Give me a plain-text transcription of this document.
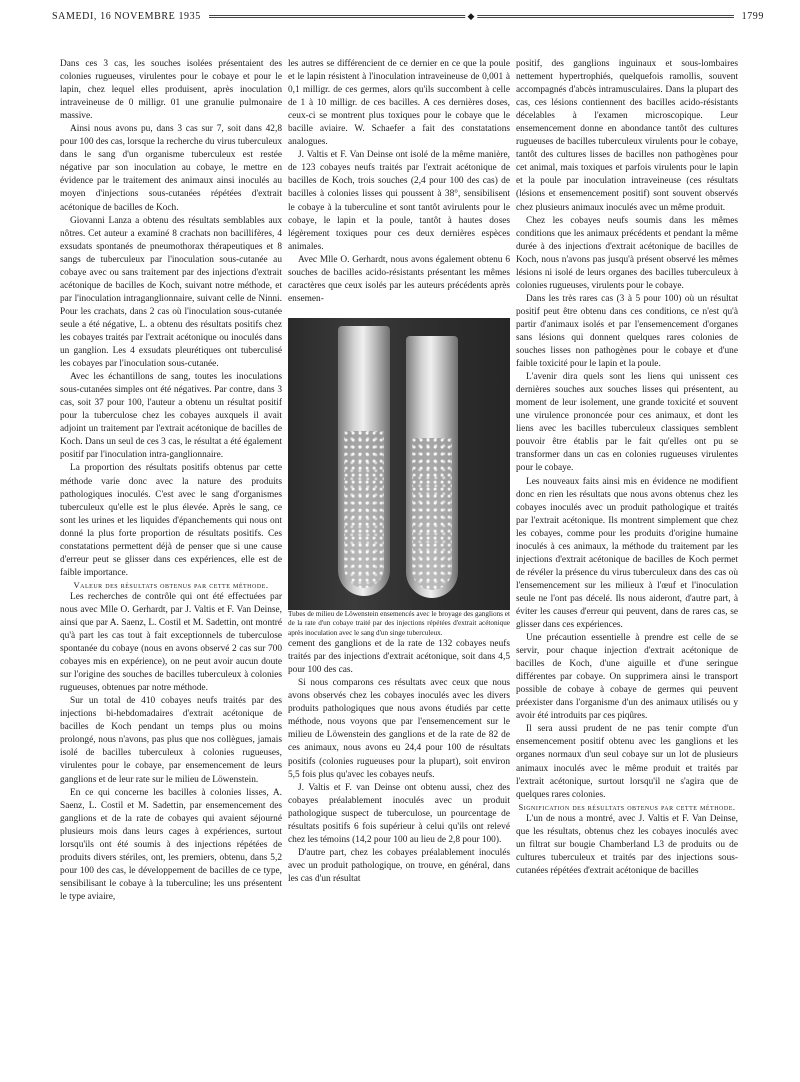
SAMEDI, 16 NOVEMBRE 1935	◆	1799

Dans ces 3 cas, les souches isolées présentaient des colonies rugueuses, virulentes pour le cobaye et pour le lapin, chez lequel elles produisent, après inoculation intraveineuse de 0 milligr. 01 une granulie pulmonaire massive.

Ainsi nous avons pu, dans 3 cas sur 7, soit dans 42,8 pour 100 des cas, lorsque la recherche du virus tuberculeux dans le sang d'un organisme tuberculeux est restée négative par son inoculation au cobaye, le mettre en évidence par le traitement des animaux ainsi inoculés au moyen d'injections sous-cutanées répétées d'extrait acétonique de bacilles de Koch.

Giovanni Lanza a obtenu des résultats semblables aux nôtres. Cet auteur a examiné 8 crachats non bacillifères, 4 exsudats spontanés de pneumothorax thérapeutiques et 8 sangs de tuberculeux par l'inoculation sous-cutanée au cobaye avec ou sans traitement par des injections d'extrait acétonique de bacilles de Koch, suivant notre méthode, et par l'inoculation intraganglionnaire, suivant celle de Ninni. Pour les crachats, dans 2 cas où l'inoculation sous-cutanée seule a été négative, L. a obtenu des résultats positifs chez les cobayes traités par l'extrait acétonique ou inoculés dans un ganglion. Les 4 exsudats pleurétiques ont tuberculisé les cobayes par l'inoculation sous-cutanée.

Avec les échantillons de sang, toutes les inoculations sous-cutanées simples ont été négatives. Par contre, dans 3 cas, soit 37 pour 100, l'auteur a obtenu un résultat positif pour la tuberculose chez les cobayes auxquels il avait adjoint un traitement par l'extrait acétonique de bacilles de Koch. Dans un seul de ces 3 cas, le résultat a été également positif par l'inoculation intra-ganglionnaire.

La proportion des résultats positifs obtenus par cette méthode varie donc avec la nature des produits pathologiques inoculés. C'est avec le sang d'organismes tuberculeux qu'elle est le plus élevée. Après le sang, ce sont les urines et les liquides d'épanchements qui nous ont donné la plus forte proportion de résultats positifs. Ces constatations permettent déjà de penser que si une cause d'erreur peut se glisser dans ces expériences, elle est de faible importance.

Valeur des résultats obtenus par cette méthode.

Les recherches de contrôle qui ont été effectuées par nous avec Mlle O. Gerhardt, par J. Valtis et F. Van Deinse, ainsi que par A. Saenz, L. Costil et M. Sadettin, ont montré qu'à part les cas tout à fait exceptionnels de tuberculose spontanée du cobaye (nous en avons observé 2 cas sur 700 cobayes mis en expérience), on ne peut avoir aucun doute sur l'origine des souches de bacilles tuberculeux à colonies rugueuses, obtenues par notre méthode.

Sur un total de 410 cobayes neufs traités par des injections bi-hebdomadaires d'extrait acétonique de bacilles de Koch pendant un temps plus ou moins prolongé, nous n'avons, pas plus que nos collègues, jamais isolé de bacilles tuberculeux à colonies rugueuses, virulentes pour le cobaye, par ensemencement de leurs ganglions et de leur rate sur le milieu de Löwenstein.

En ce qui concerne les bacilles à colonies lisses, A. Saenz, L. Costil et M. Sadettin, par ensemencement des ganglions et de la rate de cobayes qui avaient séjourné plusieurs mois dans leurs cages à expériences, surtout lorsqu'ils ont été soumis à des injections répétées de produits divers stériles, ont, les premiers, obtenu, dans 5,2 pour 100 des cas, le développement de bacilles de ce type, sensibilisant le cobaye à la tuberculine; les uns présentent le type aviaire,

les autres se différencient de ce dernier en ce que la poule et le lapin résistent à l'inoculation intraveineuse de 0,001 à 0,1 milligr. de ces germes, alors qu'ils succombent à celle de 1 à 10 milligr. de ces bacilles. A ces dernières doses, ceux-ci se montrent plus toxiques pour le cobaye que le bacille aviaire. W. Schaefer a fait des constatations analogues.

J. Valtis et F. Van Deinse ont isolé de la même manière, de 123 cobayes neufs traités par l'extrait acétonique de bacilles de Koch, trois souches (2,4 pour 100 des cas) de bacilles à colonies lisses qui poussent à 38°, sensibilisent le cobaye à la tuberculine et sont tantôt avirulents pour le cobaye, le lapin et la poule, tantôt à hautes doses légèrement toxiques pour ces deux dernières espèces animales.

Avec Mlle O. Gerhardt, nous avons également obtenu 6 souches de bacilles acido-résistants présentant les mêmes caractères que ceux isolés par les auteurs précédents après ensemen-

Tubes de milieu de Löwenstein ensemencés avec le broyage des ganglions et de la rate d'un cobaye traité par des injections répétées d'extrait acétonique après inoculation avec le sang d'un singe tuberculeux.

cement des ganglions et de la rate de 132 cobayes neufs traités par des injections d'extrait acétonique, soit dans 4,5 pour 100 des cas.

Si nous comparons ces résultats avec ceux que nous avons observés chez les cobayes inoculés avec les divers produits pathologiques que nous avons étudiés par cette méthode, nous voyons que par l'ensemencement sur le milieu de Löwenstein des ganglions et de la rate de 82 de ces animaux, nous avons eu 24,4 pour 100 de résultats positifs (colonies rugueuses pour la plupart), soit environ 5,5 fois plus qu'avec les cobayes neufs.

J. Valtis et F. van Deinse ont obtenu aussi, chez des cobayes préalablement inoculés avec un produit pathologique suspect de tuberculose, un pourcentage de résultats positifs 6 fois supérieur à celui qu'ils ont relevé chez les témoins (14,2 pour 100 au lieu de 2,8 pour 100).

D'autre part, chez les cobayes préalablement inoculés avec un produit pathologique, on trouve, en général, dans les cas d'un résultat

positif, des ganglions inguinaux et sous-lombaires nettement hypertrophiés, quelquefois ramollis, souvent accompagnés d'abcès intramusculaires. Dans la plupart des cas, ces lésions contiennent des bacilles acido-résistants décelables à l'examen microscopique. Leur ensemencement donne en abondance tantôt des cultures rugueuses de bacilles tuberculeux virulents pour le cobaye, tantôt des cultures lisses de bacilles non pathogènes pour cet animal, mais toxiques et parfois virulents pour le lapin et la poule par inoculation intraveineuse (ces résultats (lésions et ensemencement positif) sont souvent observés chez plusieurs animaux inoculés avec un même produit.

Chez les cobayes neufs soumis dans les mêmes conditions que les animaux précédents et pendant la même durée à des injections d'extrait acétonique de bacilles de Koch, nous n'avons pas jusqu'à présent observé les mêmes lésions ni isolé de leurs organes des bacilles tuberculeux à colonies rugueuses, virulents pour le cobaye.

Dans les très rares cas (3 à 5 pour 100) où un résultat positif peut être obtenu dans ces conditions, ce n'est qu'à partir d'animaux isolés et par l'ensemencement d'organes sans lésions qui donnent quelques rares colonies de souches lisses non pathogènes pour le cobaye et d'une faible toxicité pour le lapin et la poule.

L'avenir dira quels sont les liens qui unissent ces dernières souches aux souches lisses qui présentent, au moment de leur isolement, une grande toxicité et souvent une virulence prononcée pour ces animaux, et dont les liens avec les bacilles tuberculeux classiques semblent pouvoir être établis par le fait qu'elles ont pu se transformer dans un cas en colonies rugueuses virulentes pour le cobaye.

Les nouveaux faits ainsi mis en évidence ne modifient donc en rien les résultats que nous avons obtenus chez les cobayes inoculés avec un produit pathologique et traités par l'extrait acétonique. Ils montrent simplement que chez les cobayes, comme pour les produits d'origine humaine inoculés à ces animaux, la méthode du traitement par les injections d'extrait acétonique de bacilles de Koch permet de révéler la présence du virus tuberculeux dans des cas où l'ensemencement sur les milieux à l'œuf et l'inoculation seule ne l'ont pas décelé. Ils nous aideront, d'autre part, à éviter les causes d'erreur qui peuvent, dans de rares cas, se glisser dans ces expériences.

Une précaution essentielle à prendre est celle de se servir, pour chaque injection d'extrait acétonique de bacilles de Koch, d'une aiguille et d'une seringue différentes par cobaye. On supprimera ainsi le transport possible de cobaye à cobaye de germes qui peuvent préexister dans l'organisme d'un des animaux utilisés ou y avoir été introduits par ces piqûres.

Il sera aussi prudent de ne pas tenir compte d'un ensemencement positif obtenu avec les ganglions et les organes normaux d'un seul cobaye sur un lot de plusieurs animaux inoculés avec le même produit et traités par l'extrait acétonique, surtout lorsqu'il ne s'agira que de quelques rares colonies.

Signification des résultats obtenus par cette méthode.

L'un de nous a montré, avec J. Valtis et F. Van Deinse, que les résultats, obtenus chez les cobayes inoculés avec un filtrat sur bougie Chamberland L3 de produits ou de cultures tuberculeux et traités par des injections sous-cutanées répétées d'extrait acétonique de bacilles
